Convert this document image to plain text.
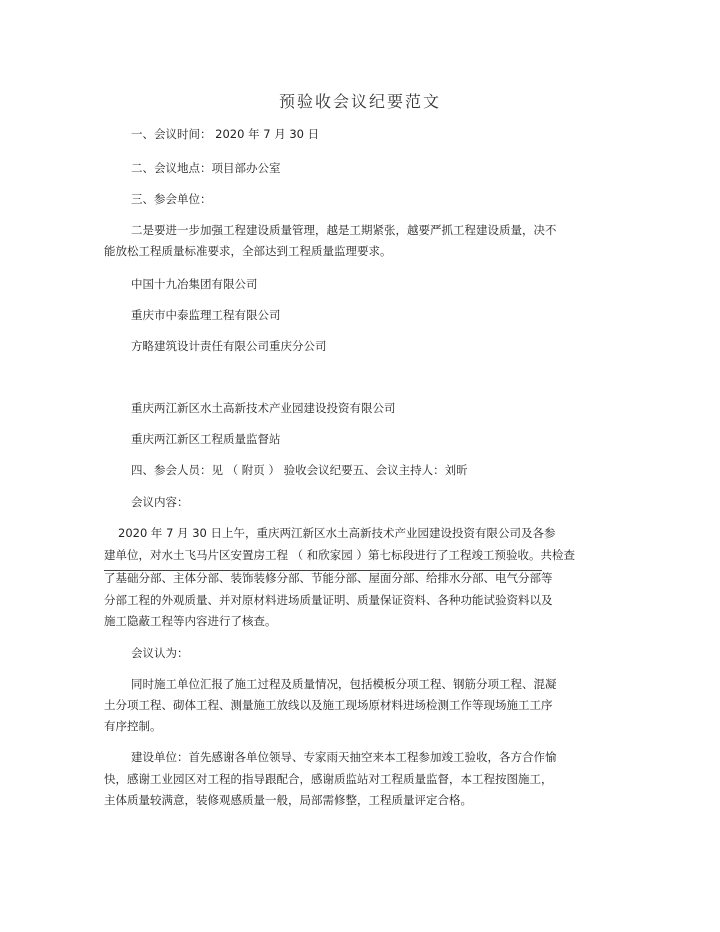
预验收会议纪要范文
一、会议时间： 2020 年 7 月 30 日
二、会议地点：项目部办公室
三、参会单位：
二是要进一步加强工程建设质量管理，越是工期紧张，越要严抓工程建设质量，决不
能放松工程质量标准要求，全部达到工程质量监理要求。
中国十九冶集团有限公司
重庆市中泰监理工程有限公司
方略建筑设计责任有限公司重庆分公司
重庆两江新区水土高新技术产业园建设投资有限公司
重庆两江新区工程质量监督站
四、参会人员：见 （ 附页 ） 验收会议纪要五、会议主持人：刘昕
会议内容：
2020 年 7 月 30 日上午，重庆两江新区水土高新技术产业园建设投资有限公司及各参
建单位，对水土飞马片区安置房工程 （ 和欣家园 ）第七标段进行了工程竣工预验收。共检查
了基础分部、主体分部、装饰装修分部、节能分部、屋面分部、给排水分部、电气分部等
分部工程的外观质量、并对原材料进场质量证明、质量保证资料、各种功能试验资料以及
施工隐蔽工程等内容进行了核查。
会议认为：
同时施工单位汇报了施工过程及质量情况，包括模板分项工程、钢筋分项工程、混凝
土分项工程、砌体工程、测量施工放线以及施工现场原材料进场检测工作等现场施工工序
有序控制。
建设单位：首先感谢各单位领导、专家雨天抽空来本工程参加竣工验收，各方合作愉
快，感谢工业园区对工程的指导跟配合，感谢质监站对工程质量监督，本工程按图施工，
主体质量较满意，装修观感质量一般，局部需修整，工程质量评定合格。
